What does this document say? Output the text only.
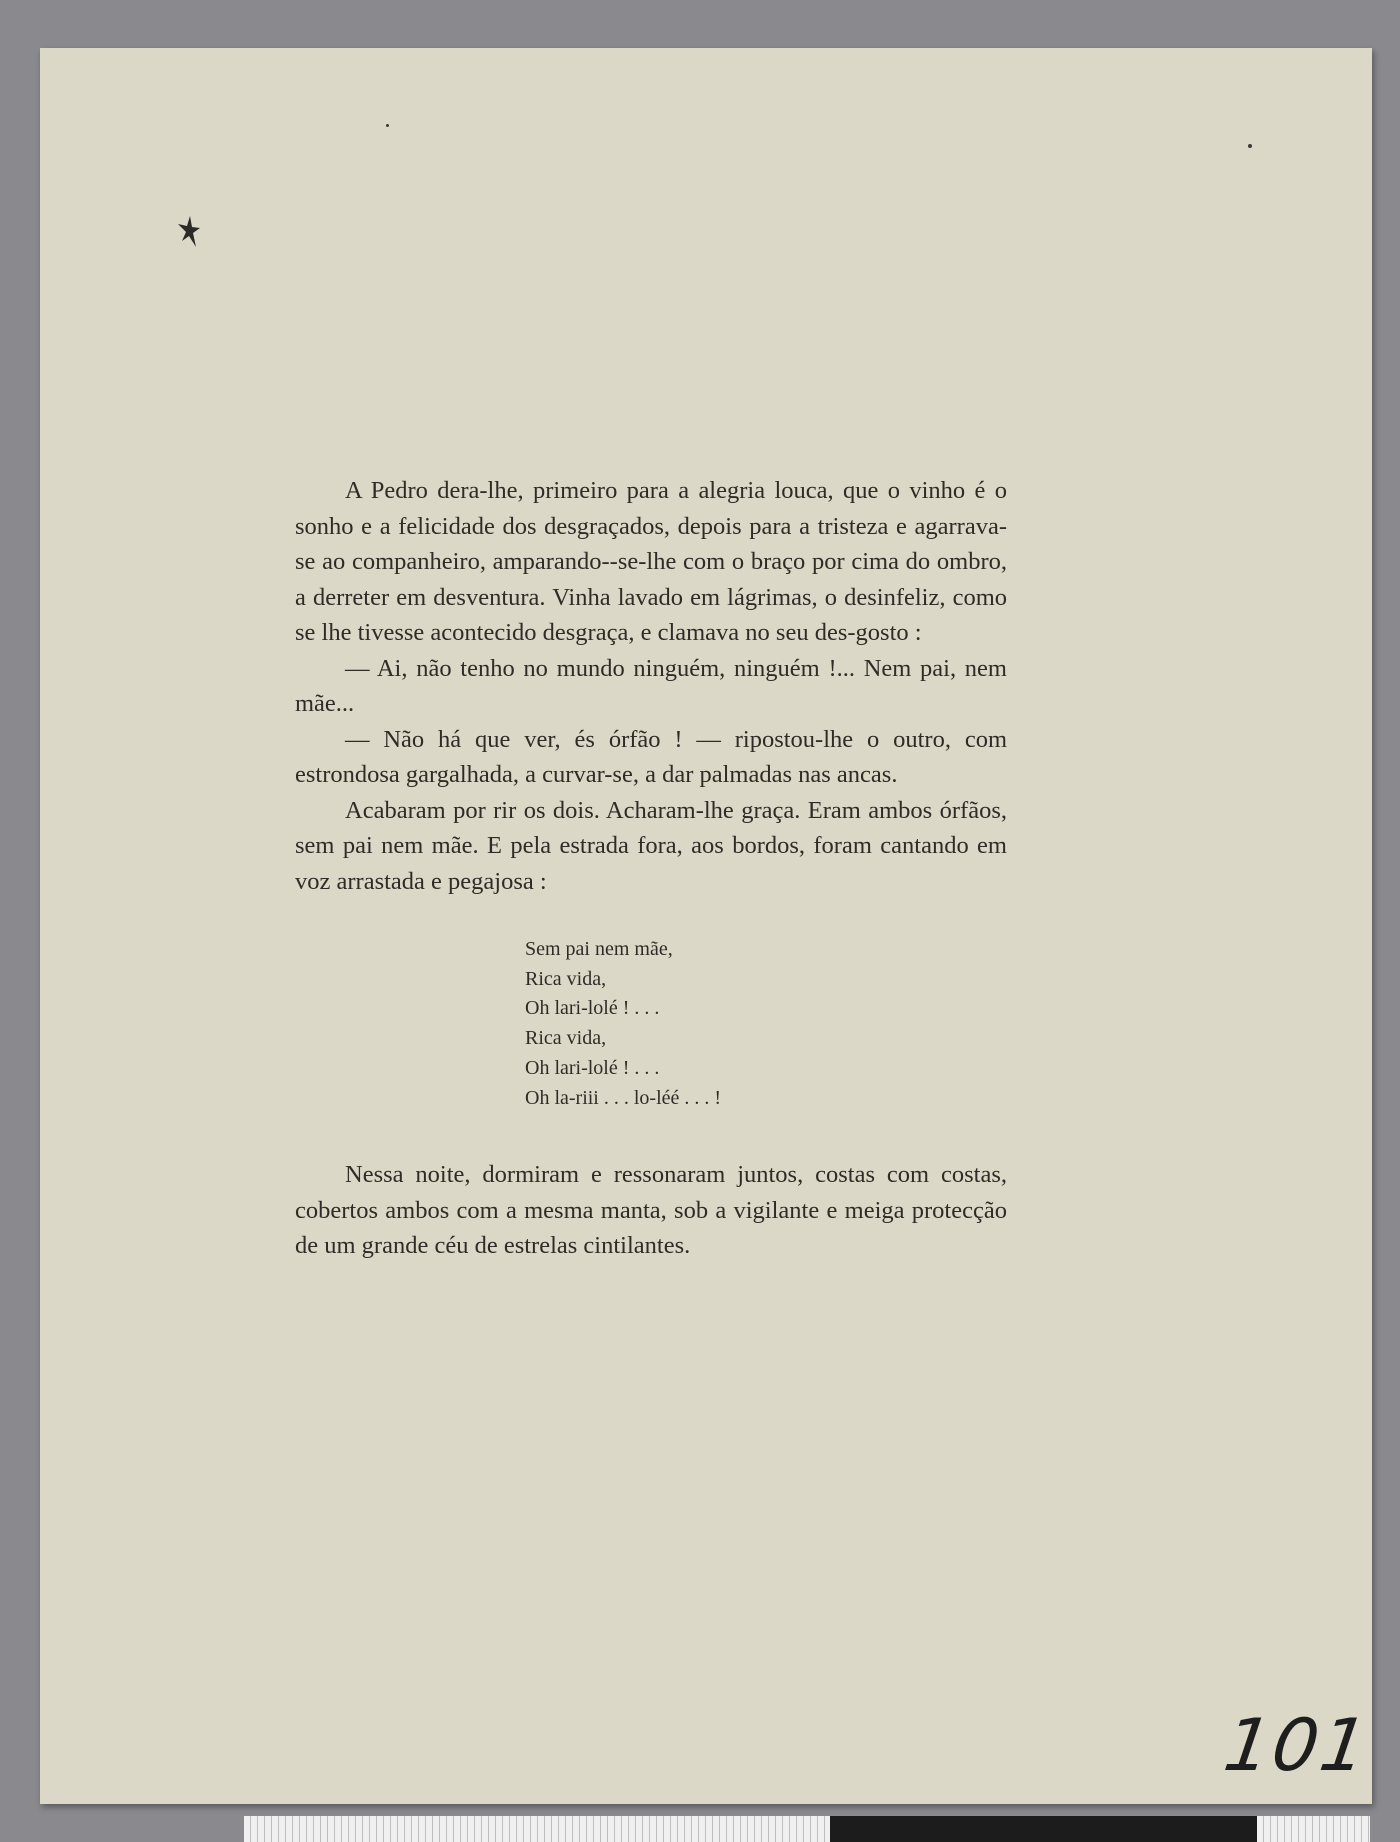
A Pedro dera-lhe, primeiro para a alegria louca, que o vinho é o sonho e a felicidade dos desgraçados, depois para a tristeza e agarrava-se ao companheiro, amparando--se-lhe com o braço por cima do ombro, a derreter em desventura. Vinha lavado em lágrimas, o desinfeliz, como se lhe tivesse acontecido desgraça, e clamava no seu des-gosto :

— Ai, não tenho no mundo ninguém, ninguém !... Nem pai, nem mãe...

— Não há que ver, és órfão ! — ripostou-lhe o outro, com estrondosa gargalhada, a curvar-se, a dar palmadas nas ancas.

Acabaram por rir os dois. Acharam-lhe graça. Eram ambos órfãos, sem pai nem mãe. E pela estrada fora, aos bordos, foram cantando em voz arrastada e pegajosa :

Sem pai nem mãe,
Rica vida,
Oh lari-lolé ! . . .
Rica vida,
Oh lari-lolé ! . . .
Oh la-riii . . . lo-léé . . . !

Nessa noite, dormiram e ressonaram juntos, costas com costas, cobertos ambos com a mesma manta, sob a vigilante e meiga protecção de um grande céu de estrelas cintilantes.

101
